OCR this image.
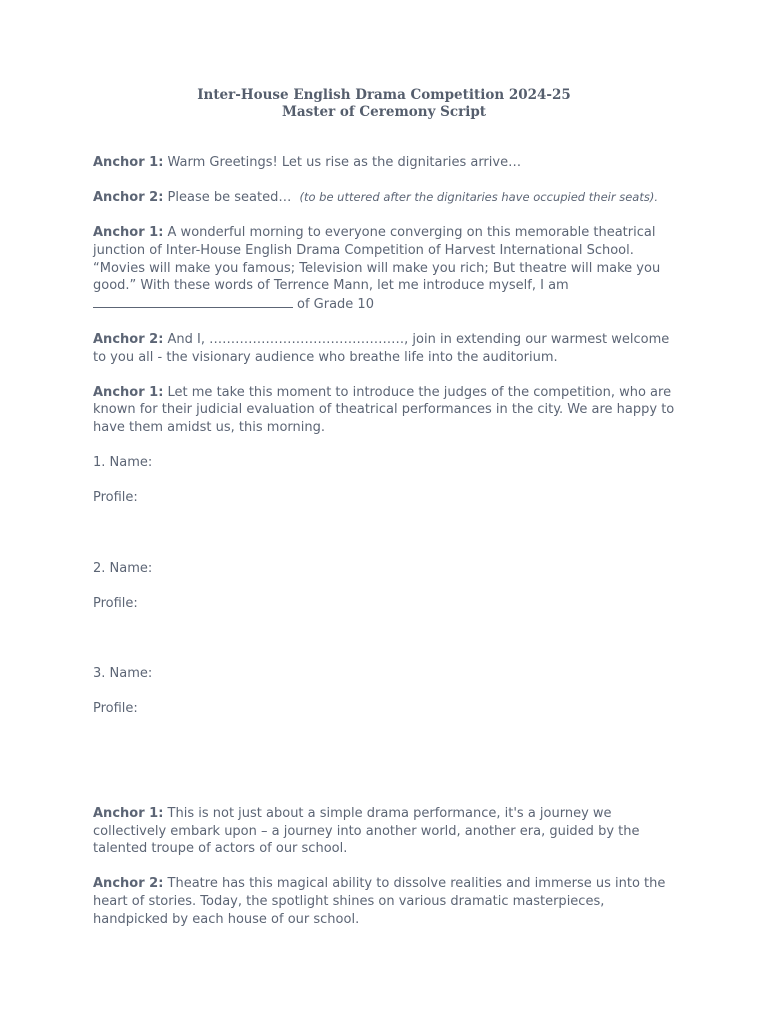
Inter-House English Drama Competition 2024-25
Master of Ceremony Script

Anchor 1: Warm Greetings! Let us rise as the dignitaries arrive…

Anchor 2: Please be seated… (to be uttered after the dignitaries have occupied their seats).

Anchor 1: A wonderful morning to everyone converging on this memorable theatrical junction of Inter-House English Drama Competition of Harvest International School. “Movies will make you famous; Television will make you rich; But theatre will make you good.” With these words of Terrence Mann, let me introduce myself, I am
of Grade 10

Anchor 2: And I, ………………………………………, join in extending our warmest welcome to you all - the visionary audience who breathe life into the auditorium.

Anchor 1: Let me take this moment to introduce the judges of the competition, who are known for their judicial evaluation of theatrical performances in the city. We are happy to have them amidst us, this morning.

1. Name:

Profile:

2. Name:

Profile:

3. Name:

Profile:

Anchor 1: This is not just about a simple drama performance, it's a journey we collectively embark upon – a journey into another world, another era, guided by the talented troupe of actors of our school.

Anchor 2: Theatre has this magical ability to dissolve realities and immerse us into the heart of stories. Today, the spotlight shines on various dramatic masterpieces, handpicked by each house of our school.
